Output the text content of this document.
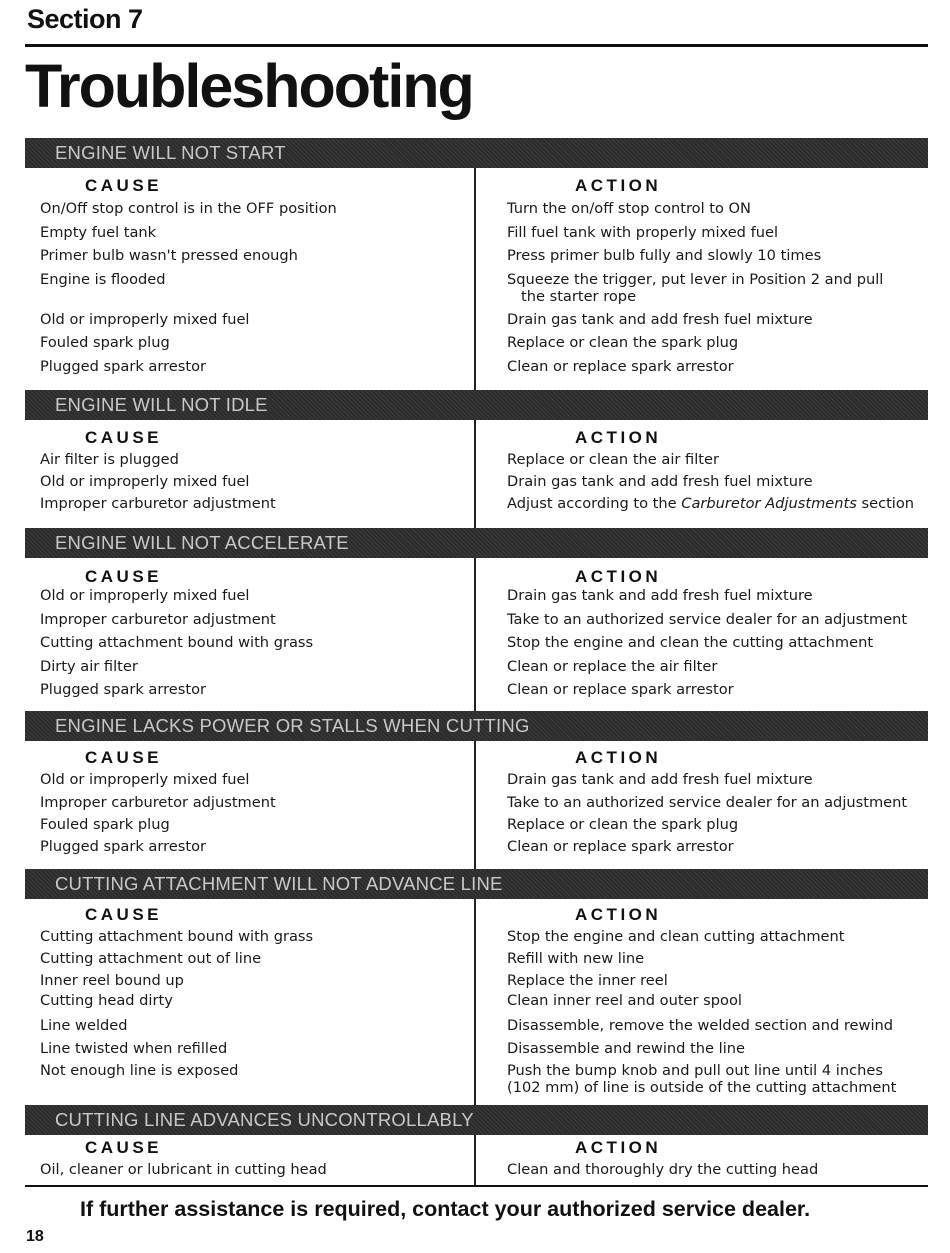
Section 7
Troubleshooting
ENGINE WILL NOT START
CAUSE	ACTION
On/Off stop control is in the OFF position	Turn the on/off stop control to ON
Empty fuel tank	Fill fuel tank with properly mixed fuel
Primer bulb wasn't pressed enough	Press primer bulb fully and slowly 10 times
Engine is flooded	Squeeze the trigger, put lever in Position 2 and pull
the starter rope
Old or improperly mixed fuel	Drain gas tank and add fresh fuel mixture
Fouled spark plug	Replace or clean the spark plug
Plugged spark arrestor	Clean or replace spark arrestor
ENGINE WILL NOT IDLE
CAUSE	ACTION
Air filter is plugged	Replace or clean the air filter
Old or improperly mixed fuel	Drain gas tank and add fresh fuel mixture
Improper carburetor adjustment	Adjust according to the Carburetor Adjustments section
ENGINE WILL NOT ACCELERATE
CAUSE	ACTION
Old or improperly mixed fuel	Drain gas tank and add fresh fuel mixture
Improper carburetor adjustment	Take to an authorized service dealer for an adjustment
Cutting attachment bound with grass	Stop the engine and clean the cutting attachment
Dirty air filter	Clean or replace the air filter
Plugged spark arrestor	Clean or replace spark arrestor
ENGINE LACKS POWER OR STALLS WHEN CUTTING
CAUSE	ACTION
Old or improperly mixed fuel	Drain gas tank and add fresh fuel mixture
Improper carburetor adjustment	Take to an authorized service dealer for an adjustment
Fouled spark plug	Replace or clean the spark plug
Plugged spark arrestor	Clean or replace spark arrestor
CUTTING ATTACHMENT WILL NOT ADVANCE LINE
CAUSE	ACTION
Cutting attachment bound with grass	Stop the engine and clean cutting attachment
Cutting attachment out of line	Refill with new line
Inner reel bound up	Replace the inner reel
Cutting head dirty	Clean inner reel and outer spool
Line welded	Disassemble, remove the welded section and rewind
Line twisted when refilled	Disassemble and rewind the line
Not enough line is exposed	Push the bump knob and pull out line until 4 inches
(102 mm) of line is outside of the cutting attachment
CUTTING LINE ADVANCES UNCONTROLLABLY
CAUSE	ACTION
Oil, cleaner or lubricant in cutting head	Clean and thoroughly dry the cutting head
If further assistance is required, contact your authorized service dealer.
18
